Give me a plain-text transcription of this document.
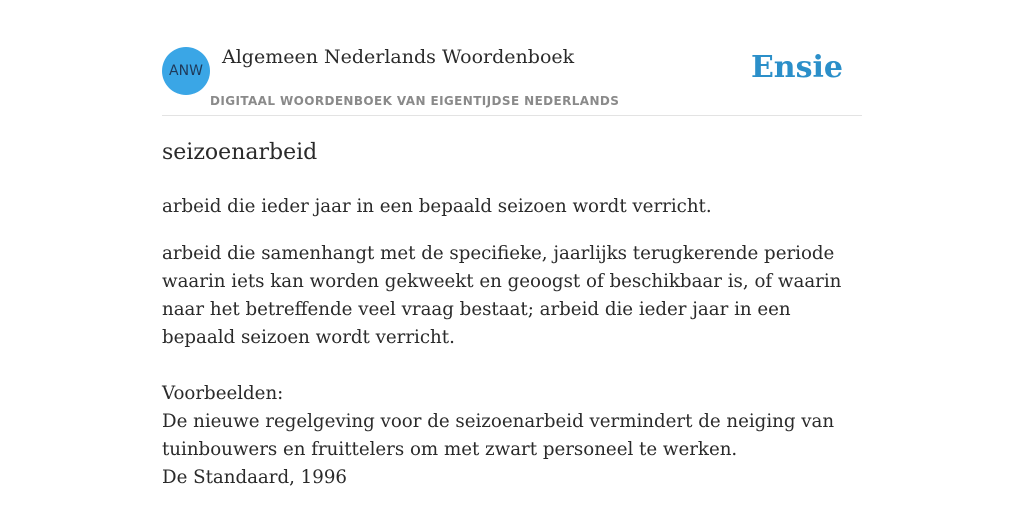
ANW
Algemeen Nederlands Woordenboek
DIGITAAL WOORDENBOEK VAN EIGENTIJDSE NEDERLANDS
Ensie
seizoenarbeid

arbeid die ieder jaar in een bepaald seizoen wordt verricht.

arbeid die samenhangt met de specifieke, jaarlijks terugkerende periode waarin iets kan worden gekweekt en geoogst of beschikbaar is, of waarin naar het betreffende veel vraag bestaat; arbeid die ieder jaar in een bepaald seizoen wordt verricht.

Voorbeelden:

De nieuwe regelgeving voor de seizoenarbeid vermindert de neiging van tuinbouwers en fruittelers om met zwart personeel te werken.

De Standaard, 1996
